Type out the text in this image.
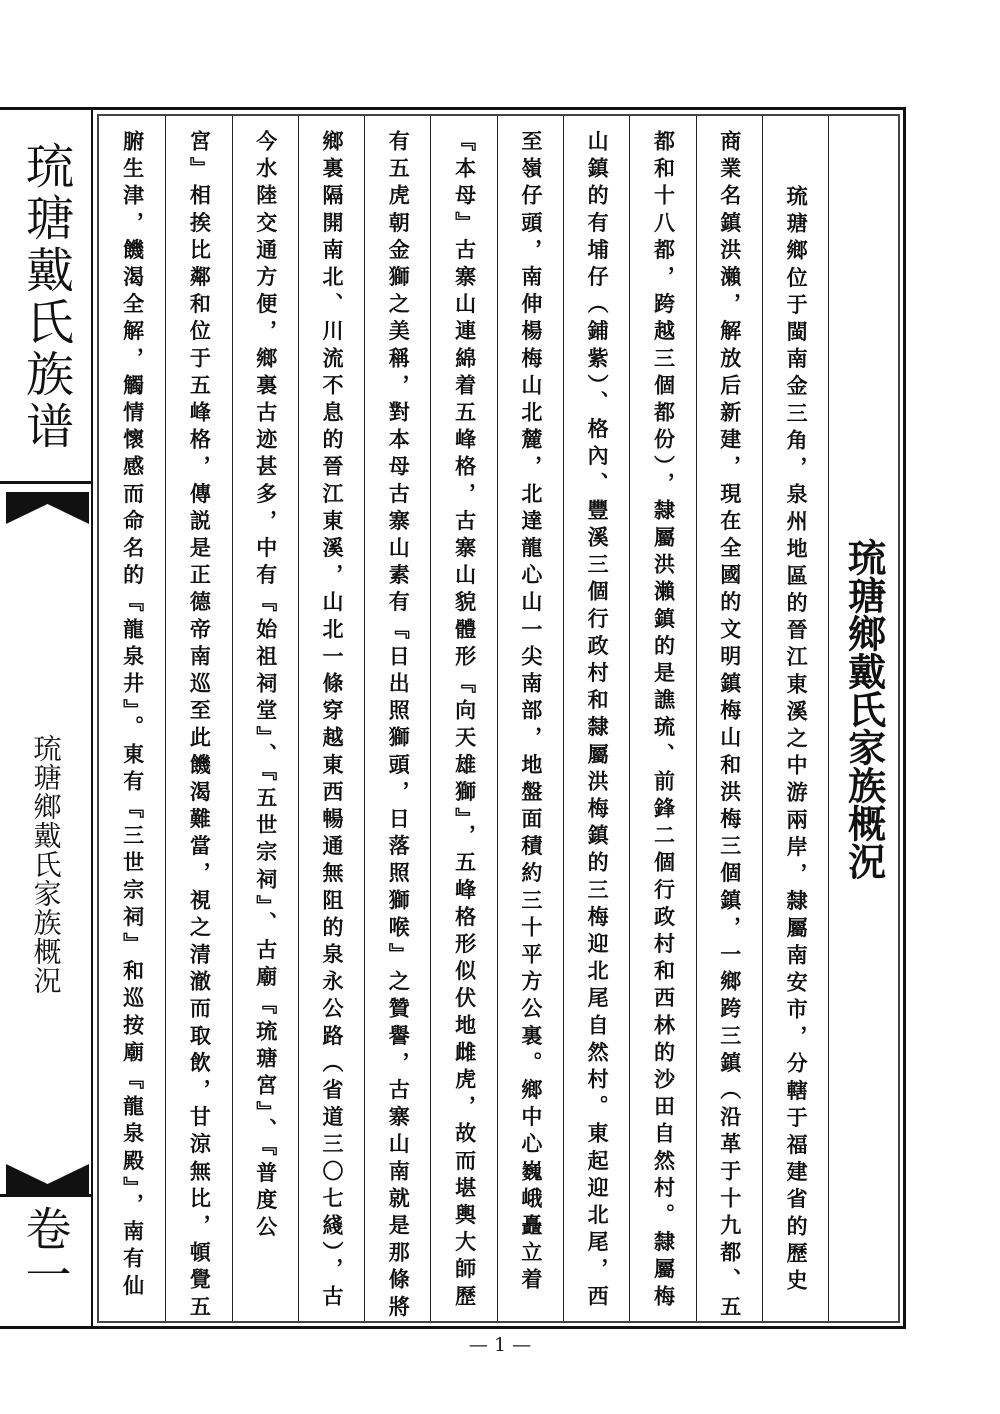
琉瑭戴氏族谱
琉瑭鄉戴氏家族概況
卷一
琉瑭鄉戴氏家族概況
琉瑭鄉位于閩南金三角，泉州地區的晉江東溪之中游兩岸，隸屬南安市，分轄于福建省的歷史
商業名鎮洪瀨，解放后新建，現在全國的文明鎮梅山和洪梅三個鎮，一鄉跨三鎮（沿革于十九都、五
都和十八都，跨越三個都份），隸屬洪瀨鎮的是譙琉、前鋒二個行政村和西林的沙田自然村。隸屬梅
山鎮的有埔仔（鋪紫）、格內、豐溪三個行政村和隸屬洪梅鎮的三梅迎北尾自然村。東起迎北尾，西
至嶺仔頭，南伸楊梅山北麓，北達龍心山一尖南部，地盤面積約三十平方公裏。鄉中心巍峨矗立着
『本母』古寨山連綿着五峰格，古寨山貌體形『向天雄獅』，五峰格形似伏地雌虎，故而堪輿大師歷
有五虎朝金獅之美稱，對本母古寨山素有『日出照獅頭，日落照獅喉』之贊譽，古寨山南就是那條將
鄉裏隔開南北、川流不息的晉江東溪，山北一條穿越東西暢通無阻的泉永公路（省道三〇七綫），古
今水陸交通方便，鄉裏古迹甚多，中有『始祖祠堂』、『五世宗祠』、古廟『琉瑭宮』、『普度公
宮』相挨比鄰和位于五峰格，傳説是正德帝南巡至此饑渴難當，視之清澈而取飲，甘涼無比，頓覺五
腑生津，饑渴全解，觸情懷感而命名的『龍泉井』。東有『三世宗祠』和巡按廟『龍泉殿』，南有仙
— 1 —
